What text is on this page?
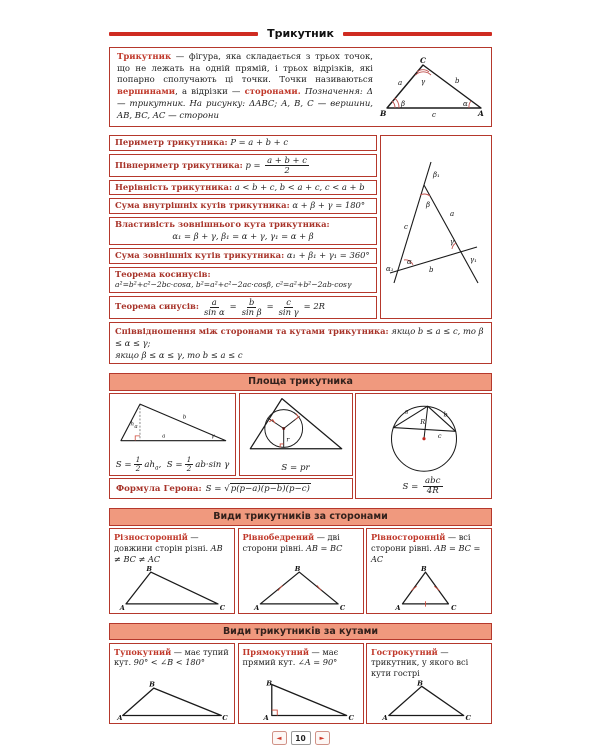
Трикутник
Трикутник — фігура, яка складається з трьох точок, що не лежать на одній прямій, і трьох відрізків, які попарно сполучають ці точки. Точки називаються вершинами, а відрізки — сторонами. Позначення: Δ — трикутник. На рисунку: ΔABC; A, B, C — вершини, AB, BC, AC — сторони
C
B	A
a	b
c
γ
β	α
Периметр трикутника: P = a + b + c
Півпериметр трикутника: $p = \frac{a + b + c}{2}$
Нерівність трикутника: a < b + c, b < a + c, c < a + b
Сума внутрішніх кутів трикутника: α + β + γ = 180°
Властивість зовнішнього кута трикутника:
α₁ = β + γ, β₁ = α + γ, γ₁ = α + β
Сума зовнішніх кутів трикутника: α₁ + β₁ + γ₁ = 360°
Теорема косинусів:
a²=b²+c²−2bc·cosα, b²=a²+c²−2ac·cosβ, c²=a²+b²−2ab·cosγ
Теорема синусів: $\frac{a}{\text{sin α}} = \frac{b}{\text{sin β}} = \frac{c}{\text{sin γ}} = 2R$
β₁
β
a
c
γ
γ₁
α
α₁	b
Співвідношення між сторонами та кутами трикутника: якщо b ≤ a ≤ c, то β ≤ α ≤ γ;
якщо β ≤ α ≤ γ, то b ≤ a ≤ c
Площа трикутника
h a
b
a	γ
$S = \frac{1}{2} ah_a$, $S = \frac{1}{2} ab\cdot\sin$ γ
r
S = pr
a
R
b
c
$S = \frac{\text{abc}}{4R}$
Формула Герона: S = √p(p−a)(p−b)(p−c)
Види трикутників за сторонами
Різносторонній — довжини сторін різні. AB ≠ BC ≠ AC
B
A	C
Рівнобедрений — дві сторони рівні. AB = BC
B
A	C
Рівносторонній — всі сторони рівні. AB = BC = AC
B
A	C
Види трикутників за кутами
Тупокутний — має тупий кут. 90° < ∠B < 180°
B
A	C
Прямокутний — має прямий кут. ∠A = 90°
B
A	C
Гострокутний — трикутник, у якого всі кути гострі
B
A	C
◄	10	►
